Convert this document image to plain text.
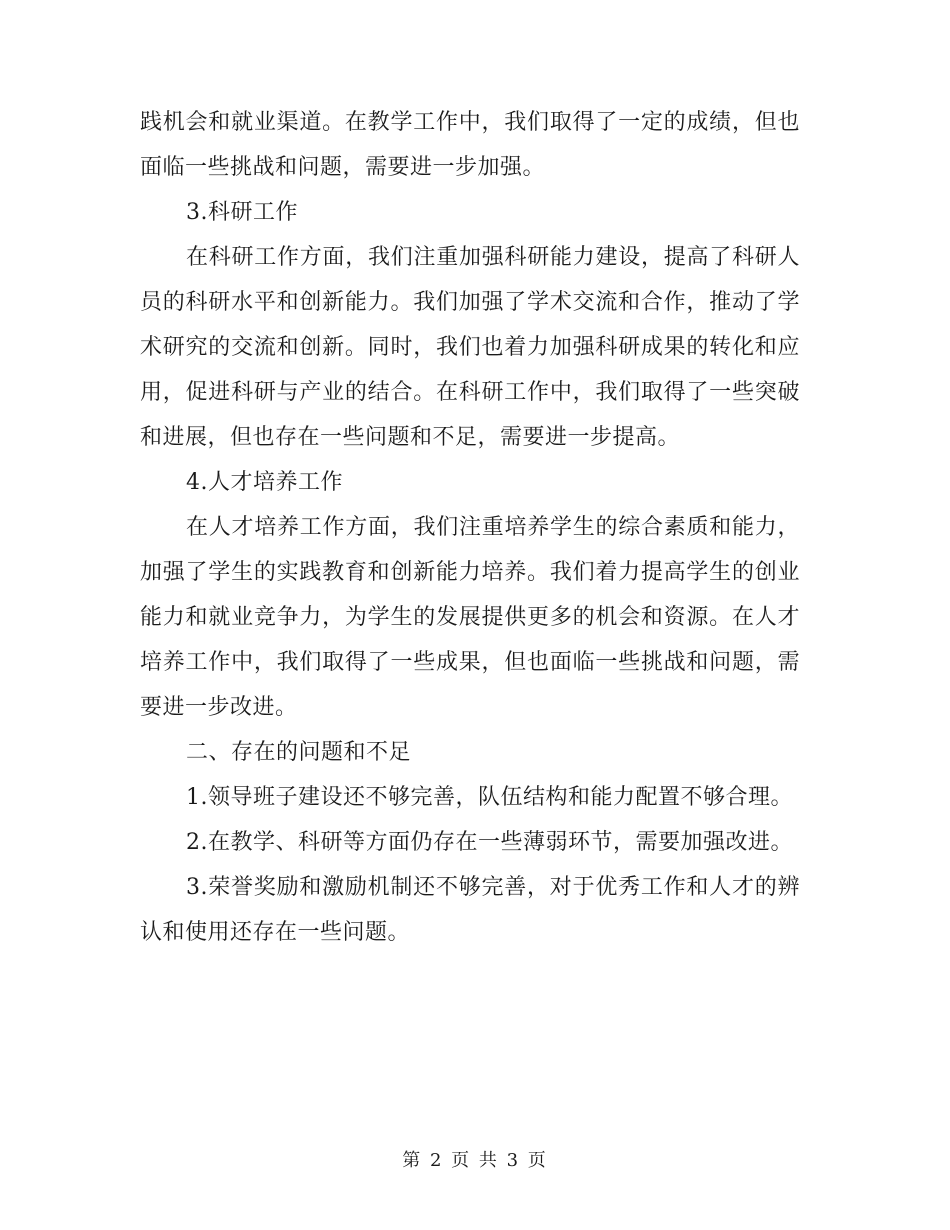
践机会和就业渠道。在教学工作中，我们取得了一定的成绩，但也面临一些挑战和问题，需要进一步加强。

3.科研工作

在科研工作方面，我们注重加强科研能力建设，提高了科研人员的科研水平和创新能力。我们加强了学术交流和合作，推动了学术研究的交流和创新。同时，我们也着力加强科研成果的转化和应用，促进科研与产业的结合。在科研工作中，我们取得了一些突破和进展，但也存在一些问题和不足，需要进一步提高。

4.人才培养工作

在人才培养工作方面，我们注重培养学生的综合素质和能力，加强了学生的实践教育和创新能力培养。我们着力提高学生的创业能力和就业竞争力，为学生的发展提供更多的机会和资源。在人才培养工作中，我们取得了一些成果，但也面临一些挑战和问题，需要进一步改进。

二、存在的问题和不足

1.领导班子建设还不够完善，队伍结构和能力配置不够合理。

2.在教学、科研等方面仍存在一些薄弱环节，需要加强改进。

3.荣誉奖励和激励机制还不够完善，对于优秀工作和人才的辨认和使用还存在一些问题。

第 2 页 共 3 页
